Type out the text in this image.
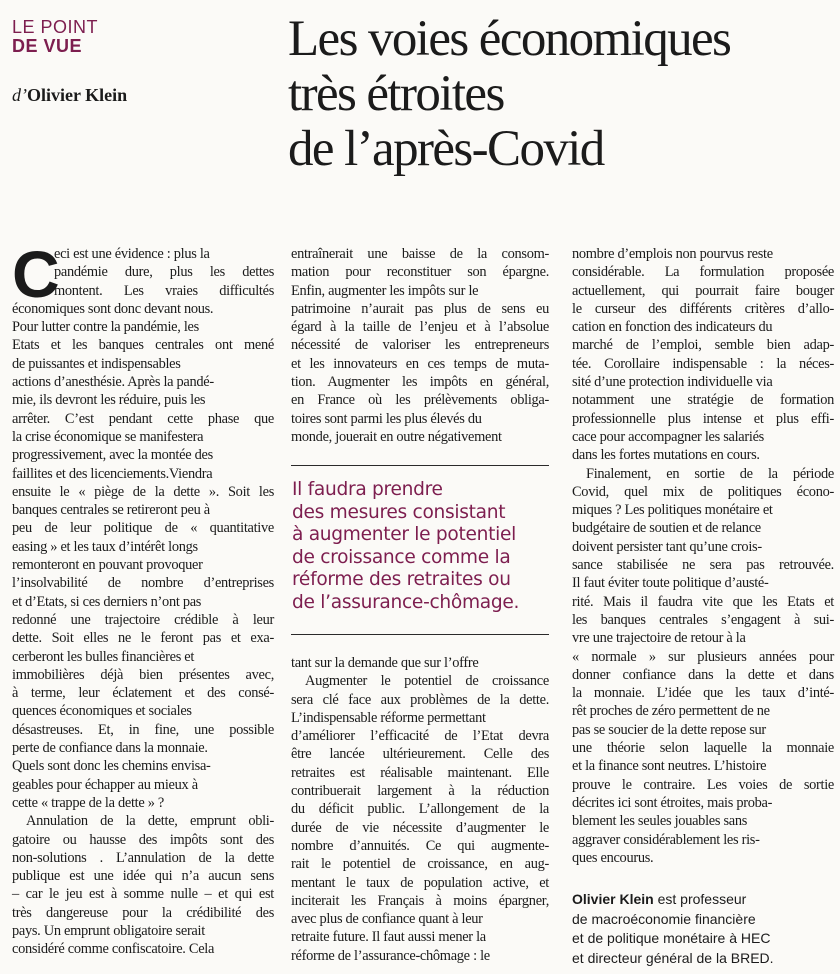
LE POINT
DE VUE
d’Olivier Klein
Les voies économiques
très étroites
de l’après-Covid
C
eci est une évidence : plus la
pandémie dure, plus les dettes
montent. Les vraies difficultés
économiques sont donc devant nous.
Pour lutter contre la pandémie, les
Etats et les banques centrales ont mené
de puissantes et indispensables
actions d’anesthésie. Après la pandé-
mie, ils devront les réduire, puis les
arrêter. C’est pendant cette phase que
la crise économique se manifestera
progressivement, avec la montée des
faillites et des licenciements.Viendra
ensuite le « piège de la dette ». Soit les
banques centrales se retireront peu à
peu de leur politique de « quantitative
easing » et les taux d’intérêt longs
remonteront en pouvant provoquer
l’insolvabilité de nombre d’entreprises
et d’Etats, si ces derniers n’ont pas
redonné une trajectoire crédible à leur
dette. Soit elles ne le feront pas et exa-
cerberont les bulles financières et
immobilières déjà bien présentes avec,
à terme, leur éclatement et des consé-
quences économiques et sociales
désastreuses. Et, in fine, une possible
perte de confiance dans la monnaie.
Quels sont donc les chemins envisa-
geables pour échapper au mieux à
cette « trappe de la dette » ?
Annulation de la dette, emprunt obli-
gatoire ou hausse des impôts sont des
non-solutions . L’annulation de la dette
publique est une idée qui n’a aucun sens
– car le jeu est à somme nulle – et qui est
très dangereuse pour la crédibilité des
pays. Un emprunt obligatoire serait
considéré comme confiscatoire. Cela
entraînerait une baisse de la consom-
mation pour reconstituer son épargne.
Enfin, augmenter les impôts sur le
patrimoine n’aurait pas plus de sens eu
égard à la taille de l’enjeu et à l’absolue
nécessité de valoriser les entrepreneurs
et les innovateurs en ces temps de muta-
tion. Augmenter les impôts en général,
en France où les prélèvements obliga-
toires sont parmi les plus élevés du
monde, jouerait en outre négativement
Il faudra prendre
des mesures consistant
à augmenter le potentiel
de croissance comme la
réforme des retraites ou
de l’assurance-chômage.
tant sur la demande que sur l’offre
Augmenter le potentiel de croissance
sera clé face aux problèmes de la dette.
L’indispensable réforme permettant
d’améliorer l’efficacité de l’Etat devra
être lancée ultérieurement. Celle des
retraites est réalisable maintenant. Elle
contribuerait largement à la réduction
du déficit public. L’allongement de la
durée de vie nécessite d’augmenter le
nombre d’annuités. Ce qui augmente-
rait le potentiel de croissance, en aug-
mentant le taux de population active, et
inciterait les Français à moins épargner,
avec plus de confiance quant à leur
retraite future. Il faut aussi mener la
réforme de l’assurance-chômage : le
nombre d’emplois non pourvus reste
considérable. La formulation proposée
actuellement, qui pourrait faire bouger
le curseur des différents critères d’allo-
cation en fonction des indicateurs du
marché de l’emploi, semble bien adap-
tée. Corollaire indispensable : la néces-
sité d’une protection individuelle via
notamment une stratégie de formation
professionnelle plus intense et plus effi-
cace pour accompagner les salariés
dans les fortes mutations en cours.
Finalement, en sortie de la période
Covid, quel mix de politiques écono-
miques ? Les politiques monétaire et
budgétaire de soutien et de relance
doivent persister tant qu’une crois-
sance stabilisée ne sera pas retrouvée.
Il faut éviter toute politique d’austé-
rité. Mais il faudra vite que les Etats et
les banques centrales s’engagent à sui-
vre une trajectoire de retour à la
« normale » sur plusieurs années pour
donner confiance dans la dette et dans
la monnaie. L’idée que les taux d’inté-
rêt proches de zéro permettent de ne
pas se soucier de la dette repose sur
une théorie selon laquelle la monnaie
et la finance sont neutres. L’histoire
prouve le contraire. Les voies de sortie
décrites ici sont étroites, mais proba-
blement les seules jouables sans
aggraver considérablement les ris-
ques encourus.
Olivier Klein est professeur
de macroéconomie financière
et de politique monétaire à HEC
et directeur général de la BRED.
